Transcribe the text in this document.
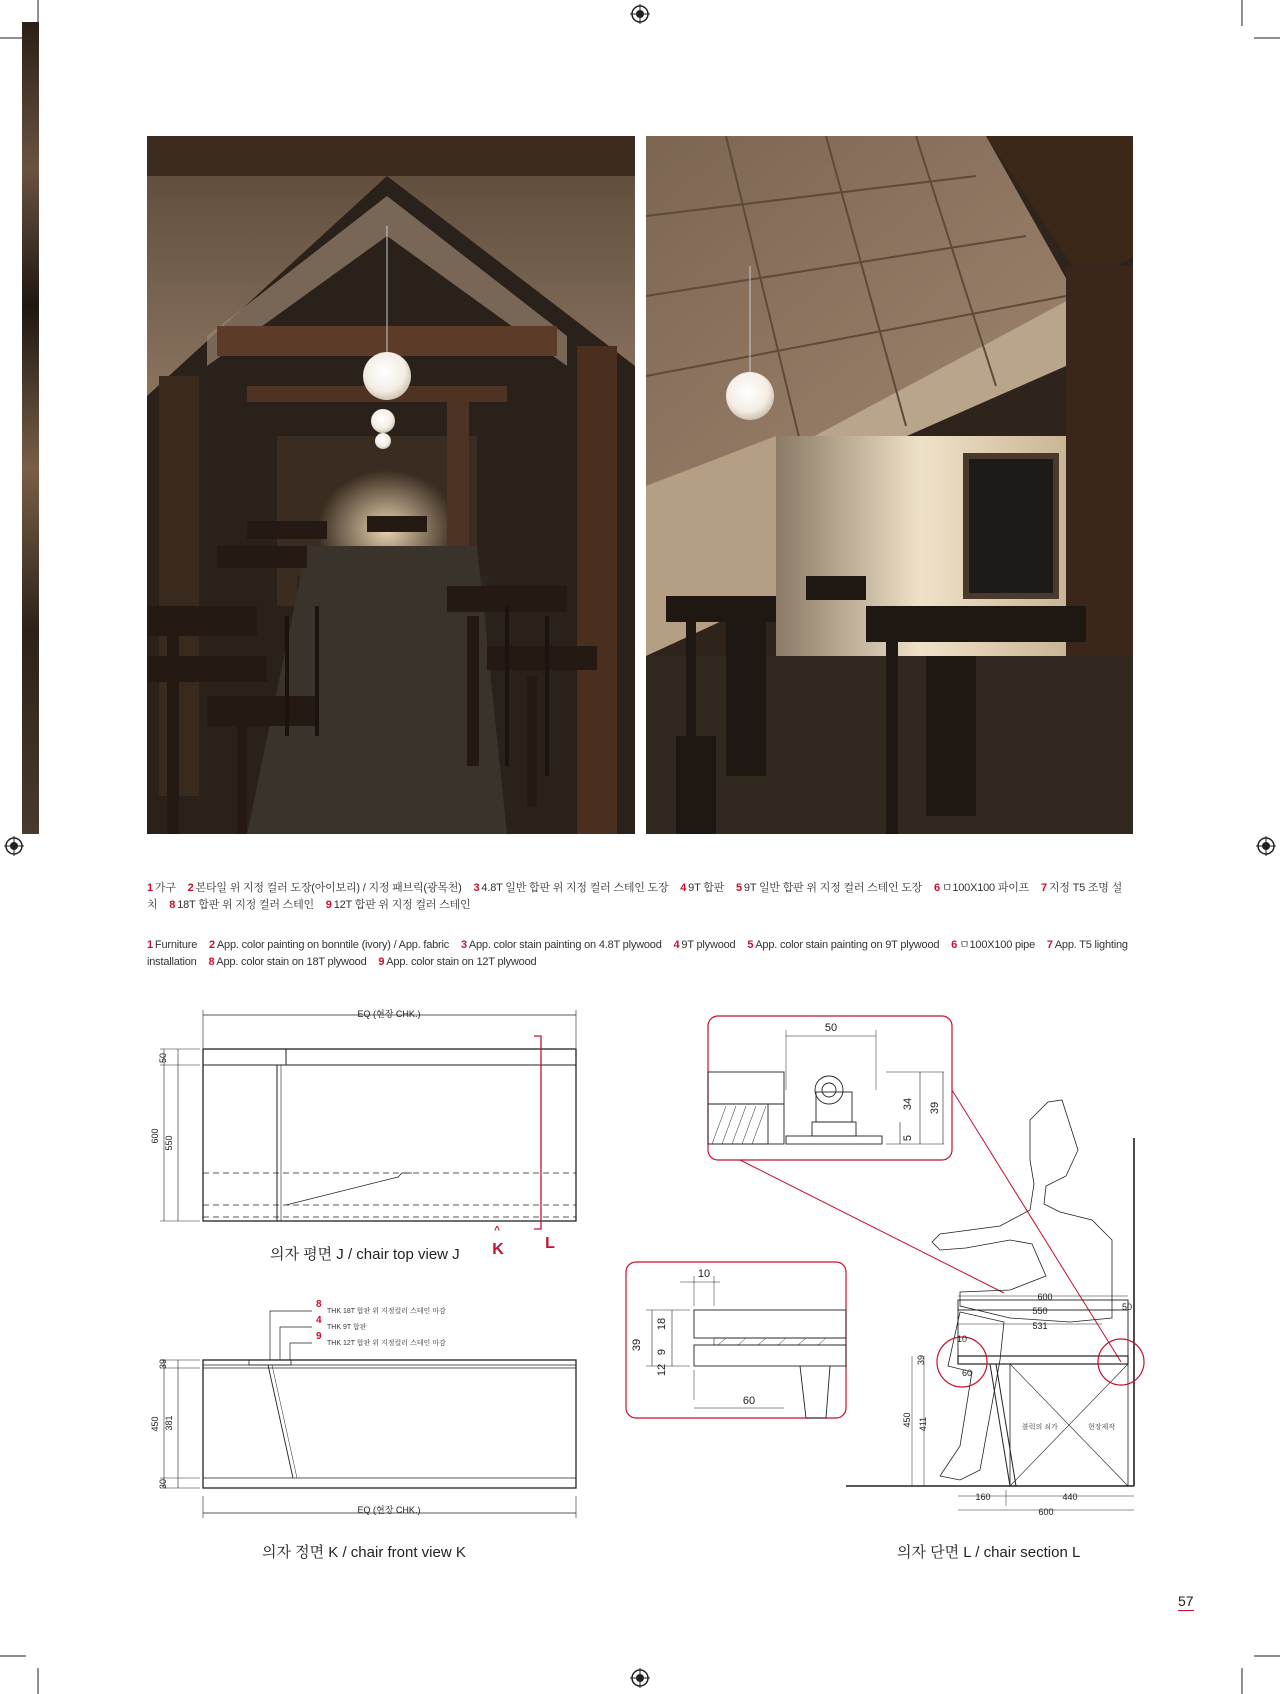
1 가구 2 본타일 위 지정 컬러 도장(아이보리) / 지정 패브릭(광목천) 3 4.8T 일반 합판 위 지정 컬러 스테인 도장 4 9T 합판 5 9T 일반 합판 위 지정 컬러 스테인 도장 6 ㅁ100X100 파이프 7 지정 T5 조명 설치 8 18T 합판 위 지정 컬러 스테인 9 12T 합판 위 지정 컬러 스테인
1 Furniture 2 App. color painting on bonntile (ivory) / App. fabric 3 App. color stain painting on 4.8T plywood 4 9T plywood 5 App. color stain painting on 9T plywood 6 ㅁ100X100 pipe 7 App. T5 lighting installation 8 App. color stain on 18T plywood 9 App. color stain on 12T plywood
EQ (현장 CHK.)
50
600 550
^
K	L
EQ (현장 CHK.)
450
39
381
30
8
4
9
THK 18T 합판 위 지정컬러 스테인 마감
THK 9T 합판
THK 12T 합판 위 지정컬러 스테인 마감
50
34 39
5
10
39
18
9
12
60
600
550
531
50
10
39
60
450 411
160	440
600
블럭의 쇠가	현장제작
의자 평면 J / chair top view J
의자 정면 K / chair front view K	의자 단면 L / chair section L
57
